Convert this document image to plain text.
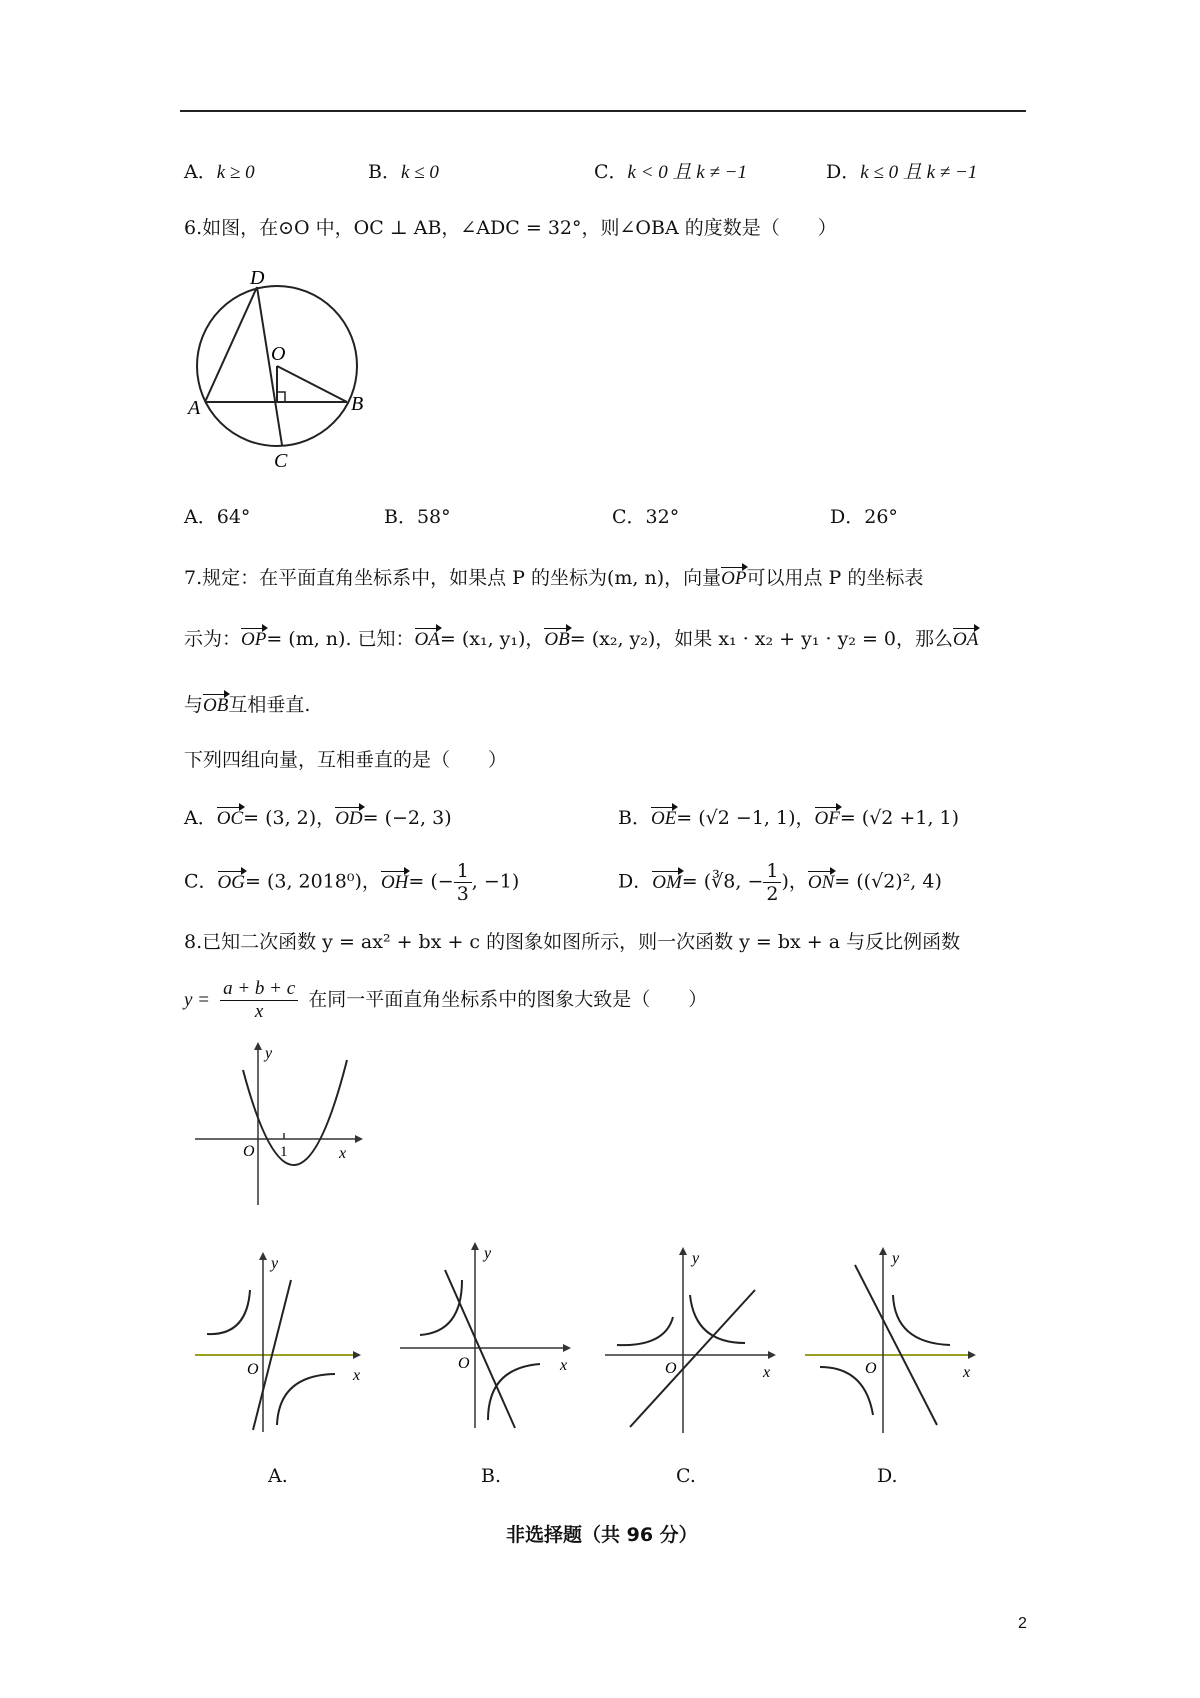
A．k ≥ 0	B．k ≤ 0	C．k < 0 且 k ≠ −1	D．k ≤ 0 且 k ≠ −1
6.如图，在⊙O 中，OC ⊥ AB，∠ADC = 32°，则∠OBA 的度数是（　　）
D
O
A	B
C
A．64°	B．58°	C．32°	D．26°
7.规定：在平面直角坐标系中，如果点 P 的坐标为(m, n)，向量OP可以用点 P 的坐标表
示为：OP= (m, n). 已知：OA= (x₁, y₁)，OB= (x₂, y₂)，如果 x₁ · x₂ + y₁ · y₂ = 0，那么OA
与OB互相垂直.
下列四组向量，互相垂直的是（　　）
A．OC= (3, 2)，OD= (−2, 3)	B．OE= (√2 −1, 1)，OF= (√2 +1, 1)
C．OG= (3, 2018⁰)，OH= (− $\frac{1}{3}$ , −1)	D．OM= (∛8, − $\frac{1}{2}$ )，ON= ((√2)², 4)
8.已知二次函数 y = ax² + bx + c 的图象如图所示，则一次函数 y = bx + a 与反比例函数
$y = \frac{a + b + c}{x}$ 在同一平面直角坐标系中的图象大致是（　　）
y
x
O 1
y
x
O
y
x
O
y
x
O
y
x
O
A.	B.	C.	D.
非选择题（共 96 分）
2
